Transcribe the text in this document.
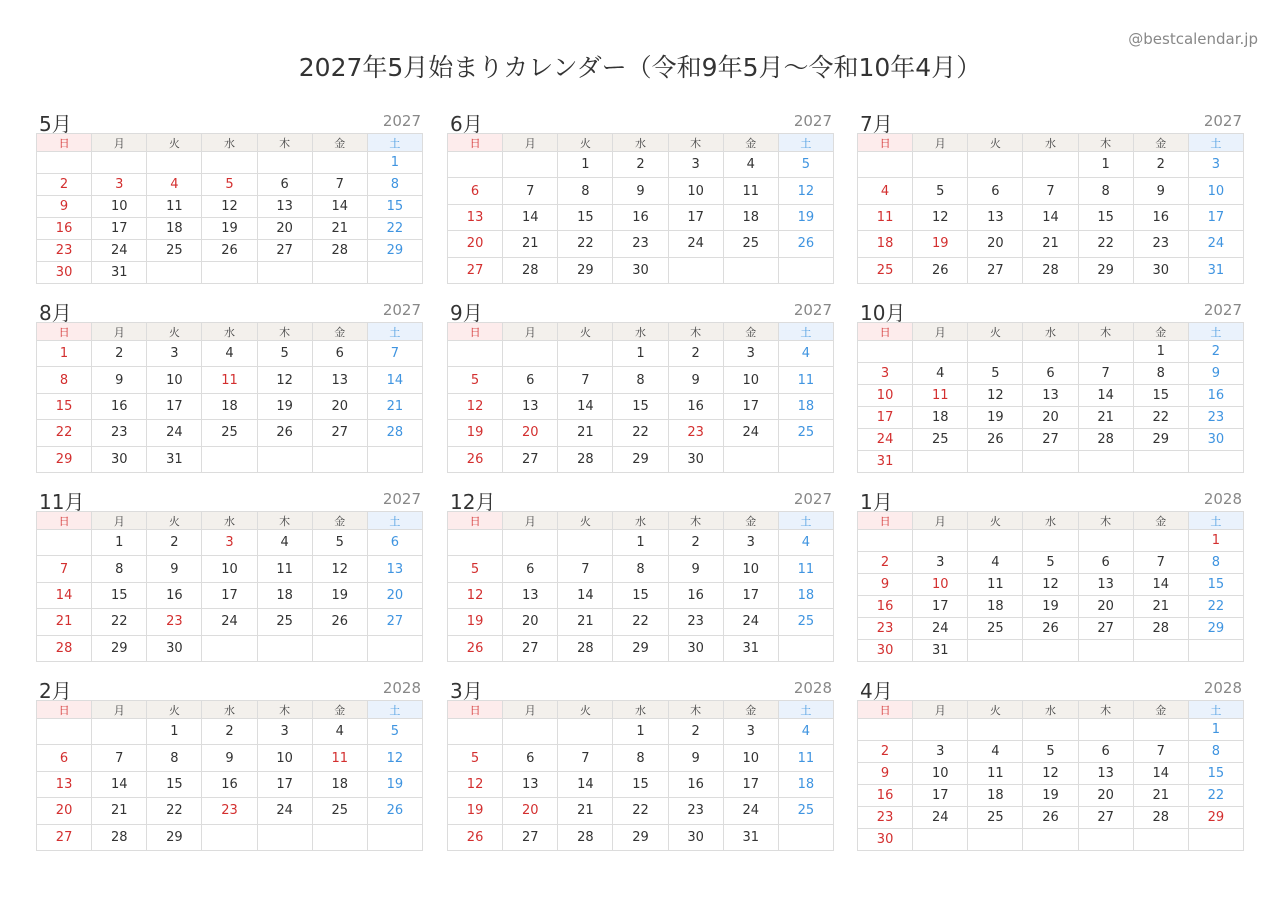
@bestcalendar.jp
2027年5月始まりカレンダー（令和9年5月〜令和10年4月）
5月	2027
日	月	火	水	木	金	土
						1
2	3	4	5	6	7	8
9	10	11	12	13	14	15
16	17	18	19	20	21	22
23	24	25	26	27	28	29
30	31					
6月	2027
日	月	火	水	木	金	土
		1	2	3	4	5
6	7	8	9	10	11	12
13	14	15	16	17	18	19
20	21	22	23	24	25	26
27	28	29	30			
7月	2027
日	月	火	水	木	金	土
				1	2	3
4	5	6	7	8	9	10
11	12	13	14	15	16	17
18	19	20	21	22	23	24
25	26	27	28	29	30	31
8月	2027
日	月	火	水	木	金	土
1	2	3	4	5	6	7
8	9	10	11	12	13	14
15	16	17	18	19	20	21
22	23	24	25	26	27	28
29	30	31				
9月	2027
日	月	火	水	木	金	土
			1	2	3	4
5	6	7	8	9	10	11
12	13	14	15	16	17	18
19	20	21	22	23	24	25
26	27	28	29	30		
10月	2027
日	月	火	水	木	金	土
					1	2
3	4	5	6	7	8	9
10	11	12	13	14	15	16
17	18	19	20	21	22	23
24	25	26	27	28	29	30
31						
11月	2027
日	月	火	水	木	金	土
	1	2	3	4	5	6
7	8	9	10	11	12	13
14	15	16	17	18	19	20
21	22	23	24	25	26	27
28	29	30				
12月	2027
日	月	火	水	木	金	土
			1	2	3	4
5	6	7	8	9	10	11
12	13	14	15	16	17	18
19	20	21	22	23	24	25
26	27	28	29	30	31	
1月	2028
日	月	火	水	木	金	土
						1
2	3	4	5	6	7	8
9	10	11	12	13	14	15
16	17	18	19	20	21	22
23	24	25	26	27	28	29
30	31					
2月	2028
日	月	火	水	木	金	土
		1	2	3	4	5
6	7	8	9	10	11	12
13	14	15	16	17	18	19
20	21	22	23	24	25	26
27	28	29				
3月	2028
日	月	火	水	木	金	土
			1	2	3	4
5	6	7	8	9	10	11
12	13	14	15	16	17	18
19	20	21	22	23	24	25
26	27	28	29	30	31	
4月	2028
日	月	火	水	木	金	土
						1
2	3	4	5	6	7	8
9	10	11	12	13	14	15
16	17	18	19	20	21	22
23	24	25	26	27	28	29
30						
